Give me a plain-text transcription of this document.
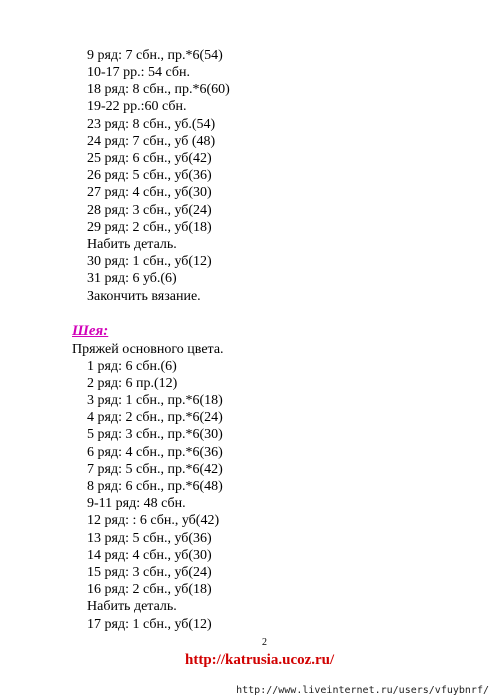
9 ряд: 7 сбн., пр.*6(54)
10-17 рр.: 54 сбн.
18 ряд: 8 сбн., пр.*6(60)
19-22 рр.:60 сбн.
23 ряд: 8 сбн., уб.(54)
24 ряд: 7 сбн., уб (48)
25 ряд: 6 сбн., уб(42)
26 ряд: 5 сбн., уб(36)
27 ряд: 4 сбн., уб(30)
28 ряд: 3 сбн., уб(24)
29 ряд: 2 сбн., уб(18)
Набить деталь.
30 ряд: 1 сбн., уб(12)
31 ряд: 6 уб.(6)
Закончить вязание.
Шея:
Пряжей основного цвета.
1 ряд: 6 сбн.(6)
2 ряд: 6 пр.(12)
3 ряд: 1 сбн., пр.*6(18)
4 ряд: 2 сбн., пр.*6(24)
5 ряд: 3 сбн., пр.*6(30)
6 ряд: 4 сбн., пр.*6(36)
7 ряд: 5 сбн., пр.*6(42)
8 ряд: 6 сбн., пр.*6(48)
9-11 ряд: 48 сбн.
12 ряд: : 6 сбн., уб(42)
13 ряд: 5 сбн., уб(36)
14 ряд: 4 сбн., уб(30)
15 ряд: 3 сбн., уб(24)
16 ряд: 2 сбн., уб(18)
Набить деталь.
17 ряд: 1 сбн., уб(12)
2
http://katrusia.ucoz.ru/
http://www.liveinternet.ru/users/vfuybnrf/
